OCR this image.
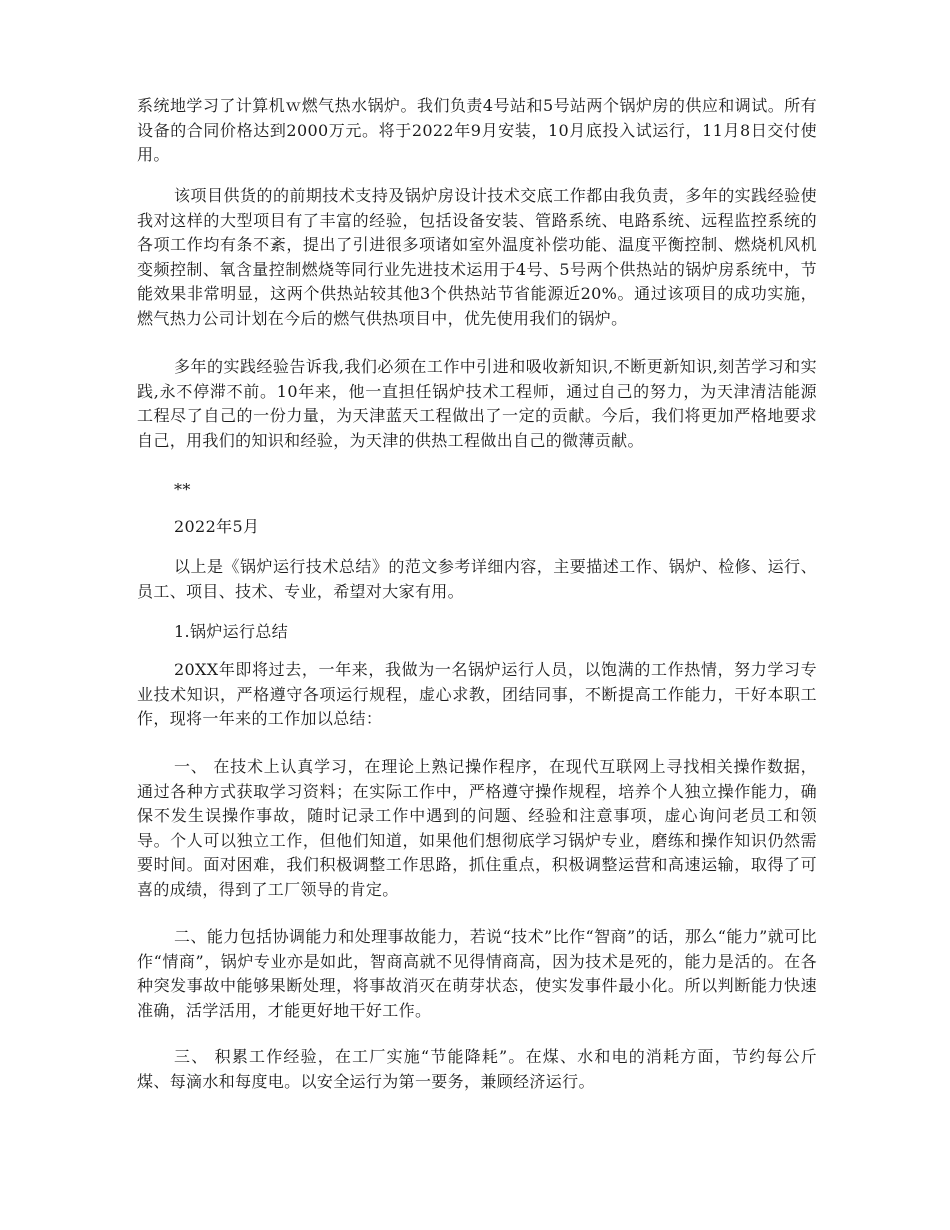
系统地学习了计算机ｗ燃气热水锅炉。我们负责4号站和5号站两个锅炉房的供应和调试。所有设备的合同价格达到2000万元。将于2022年9月安装，10月底投入试运行，11月8日交付使用。

该项目供货的的前期技术支持及锅炉房设计技术交底工作都由我负责，多年的实践经验使我对这样的大型项目有了丰富的经验，包括设备安装、管路系统、电路系统、远程监控系统的各项工作均有条不紊，提出了引进很多项诸如室外温度补偿功能、温度平衡控制、燃烧机风机变频控制、氧含量控制燃烧等同行业先进技术运用于4号、5号两个供热站的锅炉房系统中，节能效果非常明显，这两个供热站较其他3个供热站节省能源近20%。通过该项目的成功实施，燃气热力公司计划在今后的燃气供热项目中，优先使用我们的锅炉。

多年的实践经验告诉我,我们必须在工作中引进和吸收新知识,不断更新知识,刻苦学习和实践,永不停滞不前。10年来，他一直担任锅炉技术工程师，通过自己的努力，为天津清洁能源工程尽了自己的一份力量，为天津蓝天工程做出了一定的贡献。今后，我们将更加严格地要求自己，用我们的知识和经验，为天津的供热工程做出自己的微薄贡献。

**

2022年5月

以上是《锅炉运行技术总结》的范文参考详细内容，主要描述工作、锅炉、检修、运行、员工、项目、技术、专业，希望对大家有用。

1.锅炉运行总结

20XX年即将过去，一年来，我做为一名锅炉运行人员，以饱满的工作热情，努力学习专业技术知识，严格遵守各项运行规程，虚心求教，团结同事，不断提高工作能力，干好本职工作，现将一年来的工作加以总结：

一、 在技术上认真学习，在理论上熟记操作程序，在现代互联网上寻找相关操作数据，通过各种方式获取学习资料；在实际工作中，严格遵守操作规程，培养个人独立操作能力，确保不发生误操作事故，随时记录工作中遇到的问题、经验和注意事项，虚心询问老员工和领导。个人可以独立工作，但他们知道，如果他们想彻底学习锅炉专业，磨练和操作知识仍然需要时间。面对困难，我们积极调整工作思路，抓住重点，积极调整运营和高速运输，取得了可喜的成绩，得到了工厂领导的肯定。

二、能力包括协调能力和处理事故能力，若说“技术”比作“智商”的话，那么“能力”就可比作“情商”，锅炉专业亦是如此，智商高就不见得情商高，因为技术是死的，能力是活的。在各种突发事故中能够果断处理，将事故消灭在萌芽状态，使实发事件最小化。所以判断能力快速准确，活学活用，才能更好地干好工作。

三、 积累工作经验，在工厂实施“节能降耗”。在煤、水和电的消耗方面，节约每公斤煤、每滴水和每度电。以安全运行为第一要务，兼顾经济运行。
